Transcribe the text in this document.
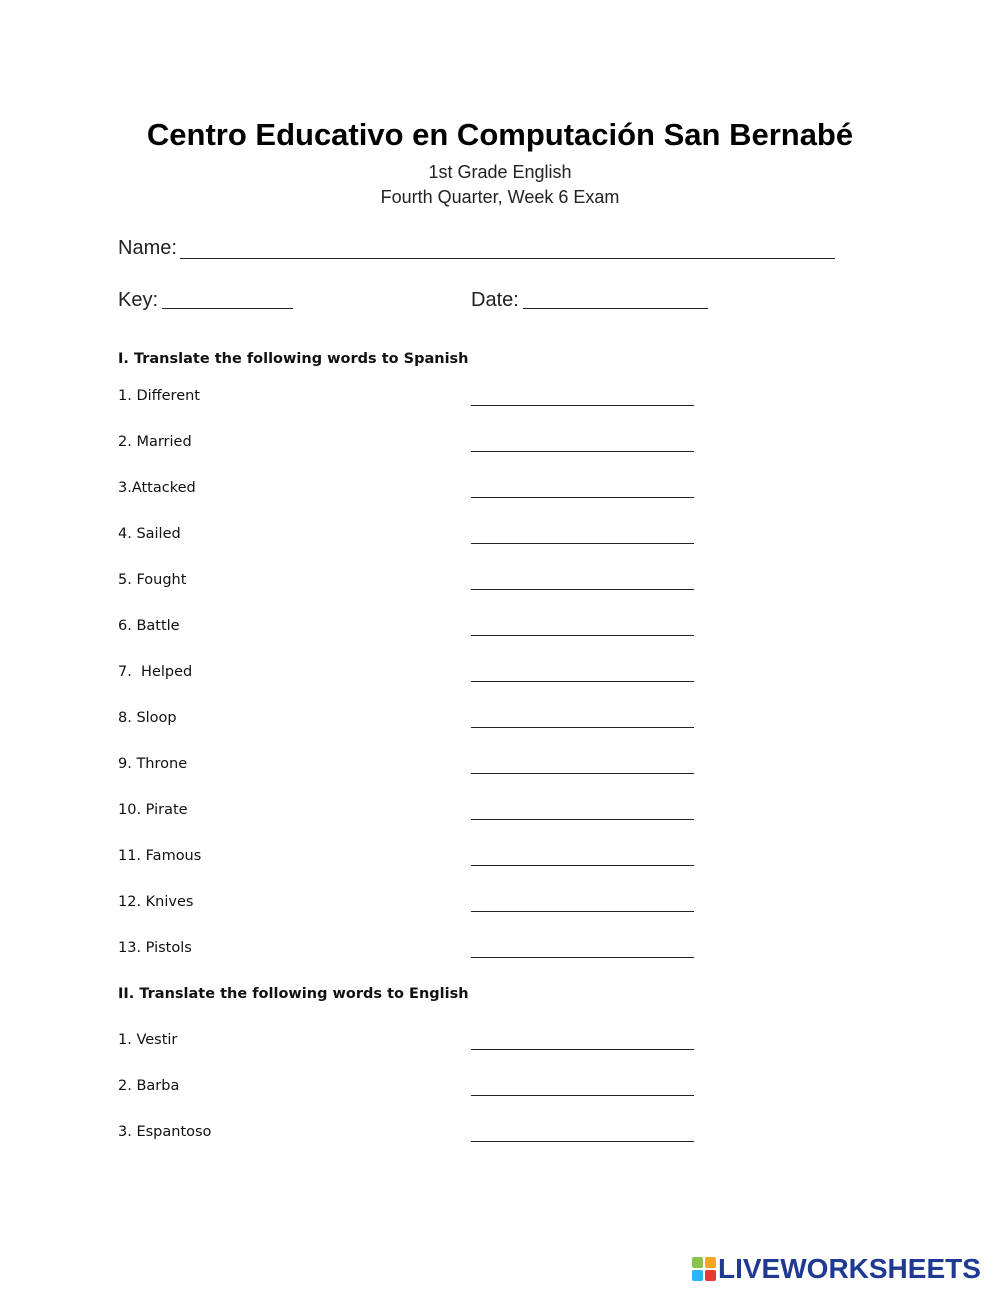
Centro Educativo en Computación San Bernabé
1st Grade English
Fourth Quarter, Week 6 Exam
Name:
Key:	Date:
I. Translate the following words to Spanish
1. Different
2. Married
3.Attacked
4. Sailed
5. Fought
6. Battle
7.  Helped
8. Sloop
9. Throne
10. Pirate
11. Famous
12. Knives
13. Pistols
II. Translate the following words to English
1. Vestir
2. Barba
3. Espantoso
LIVEWORKSHEETS
